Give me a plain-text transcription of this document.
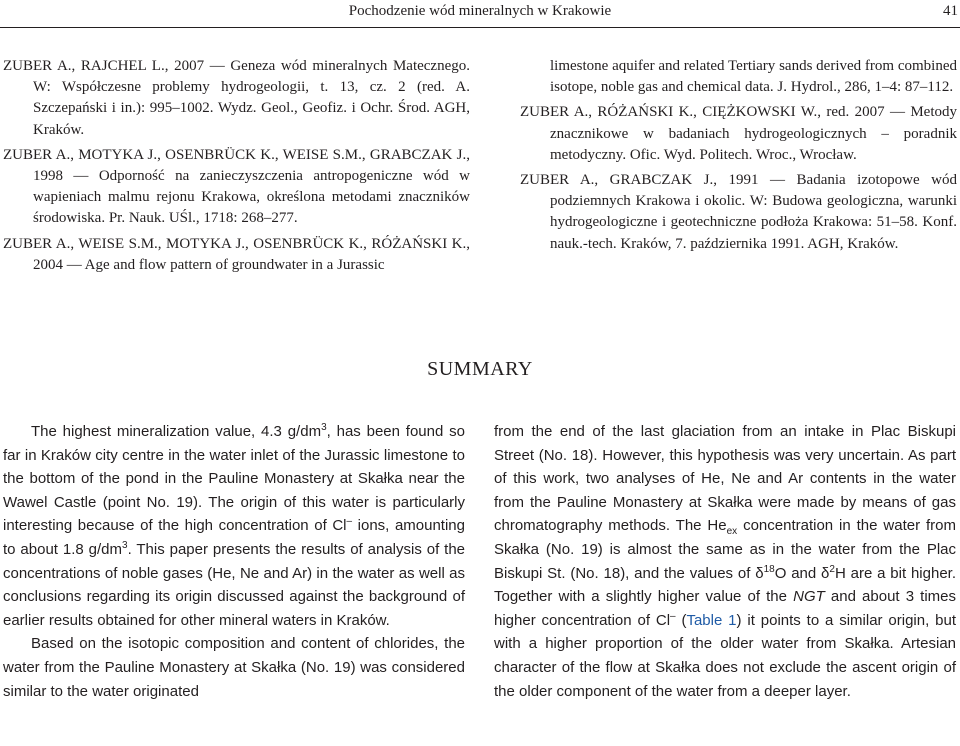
Pochodzenie wód mineralnych w Krakowie	41

ZUBER A., RAJCHEL L., 2007 — Geneza wód mineralnych Matecznego. W: Współczesne problemy hydrogeologii, t. 13, cz. 2 (red. A. Szczepański i in.): 995–1002. Wydz. Geol., Geofiz. i Ochr. Środ. AGH, Kraków.

ZUBER A., MOTYKA J., OSENBRÜCK K., WEISE S.M., GRABCZAK J., 1998 — Odporność na zanieczyszczenia antropogeniczne wód w wapieniach malmu rejonu Krakowa, określona metodami znaczników środowiska. Pr. Nauk. UŚl., 1718: 268–277.

ZUBER A., WEISE S.M., MOTYKA J., OSENBRÜCK K., RÓŻAŃSKI K., 2004 — Age and flow pattern of groundwater in a Jurassic

limestone aquifer and related Tertiary sands derived from combined isotope, noble gas and chemical data. J. Hydrol., 286, 1–4: 87–112.

ZUBER A., RÓŻAŃSKI K., CIĘŻKOWSKI W., red. 2007 — Metody znacznikowe w badaniach hydrogeologicznych – poradnik metodyczny. Ofic. Wyd. Politech. Wroc., Wrocław.

ZUBER A., GRABCZAK J., 1991 — Badania izotopowe wód podziemnych Krakowa i okolic. W: Budowa geologiczna, warunki hydrogeologiczne i geotechniczne podłoża Krakowa: 51–58. Konf. nauk.-tech. Kraków, 7. października 1991. AGH, Kraków.

SUMMARY

The highest mineralization value, 4.3 $g/dm^3$, has been found so far in Kraków city centre in the water inlet of the Jurassic limestone to the bottom of the pond in the Pauline Monastery at Skałka near the Wawel Castle (point No. 19). The origin of this water is particularly interesting because of the high concentration of Cl– ions, amounting to about 1.8 $g/dm^3$. This paper presents the results of analysis of the concentrations of noble gases (He, Ne and Ar) in the water as well as conclusions regarding its origin discussed against the background of earlier results obtained for other mineral waters in Kraków.

Based on the isotopic composition and content of chlorides, the water from the Pauline Monastery at Skałka (No. 19) was considered similar to the water originated

from the end of the last glaciation from an intake in Plac Biskupi Street (No. 18). However, this hypothesis was very uncertain. As part of this work, two analyses of He, Ne and Ar contents in the water from the Pauline Monastery at Skałka were made by means of gas chromatography methods. The $He_{ex}$ concentration in the water from Skałka (No. 19) is almost the same as in the water from the Plac Biskupi St. (No. 18), and the values of $\delta^{18}O$ and $\delta^2H$ are a bit higher. Together with a slightly higher value of the NGT and about 3 times higher concentration of Cl– (Table 1) it points to a similar origin, but with a higher proportion of the older water from Skałka. Artesian character of the flow at Skałka does not exclude the ascent origin of the older component of the water from a deeper layer.
